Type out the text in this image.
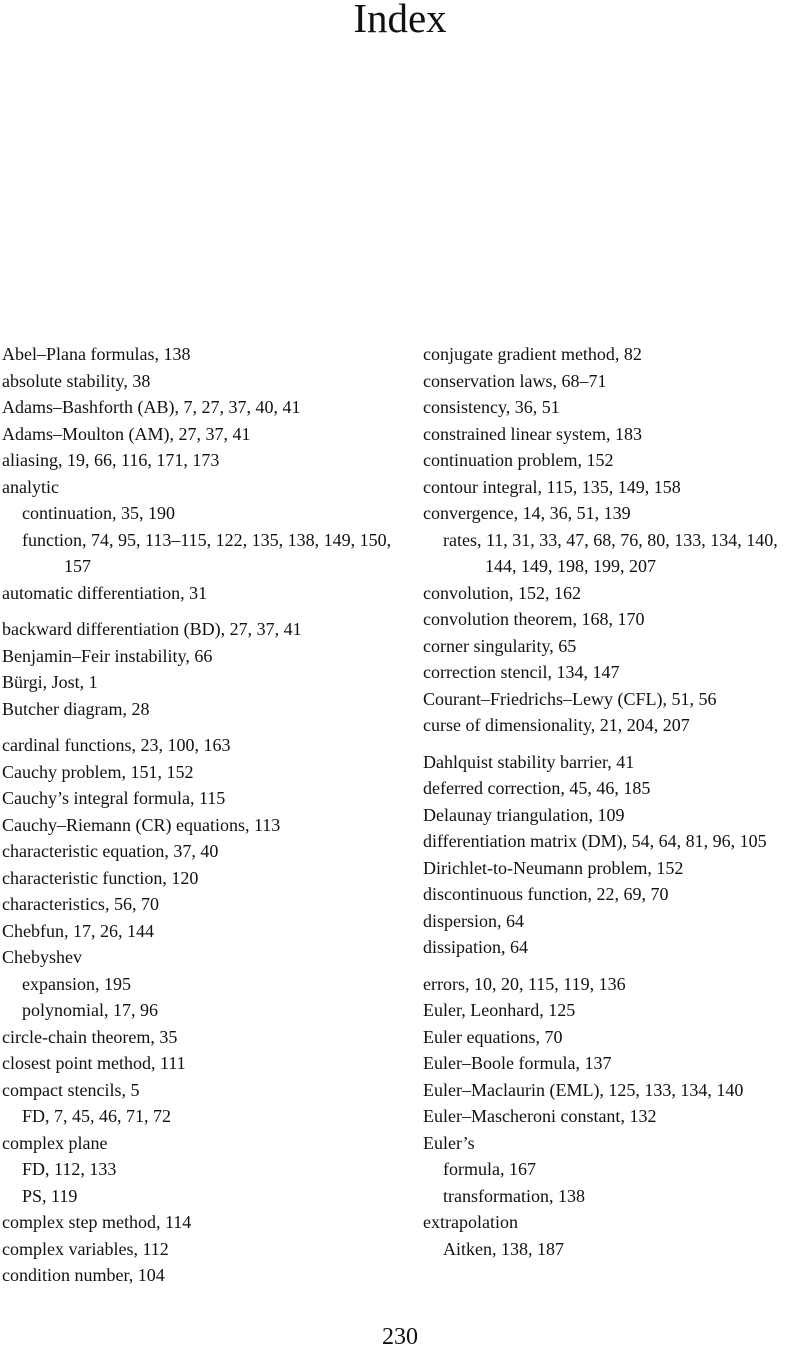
Index
Abel–Plana formulas, 138
absolute stability, 38
Adams–Bashforth (AB), 7, 27, 37, 40, 41
Adams–Moulton (AM), 27, 37, 41
aliasing, 19, 66, 116, 171, 173
analytic
continuation, 35, 190
function, 74, 95, 113–115, 122, 135, 138, 149, 150, 157
automatic differentiation, 31
backward differentiation (BD), 27, 37, 41
Benjamin–Feir instability, 66
Bürgi, Jost, 1
Butcher diagram, 28
cardinal functions, 23, 100, 163
Cauchy problem, 151, 152
Cauchy’s integral formula, 115
Cauchy–Riemann (CR) equations, 113
characteristic equation, 37, 40
characteristic function, 120
characteristics, 56, 70
Chebfun, 17, 26, 144
Chebyshev
expansion, 195
polynomial, 17, 96
circle-chain theorem, 35
closest point method, 111
compact stencils, 5
FD, 7, 45, 46, 71, 72
complex plane
FD, 112, 133
PS, 119
complex step method, 114
complex variables, 112
condition number, 104
conjugate gradient method, 82
conservation laws, 68–71
consistency, 36, 51
constrained linear system, 183
continuation problem, 152
contour integral, 115, 135, 149, 158
convergence, 14, 36, 51, 139
rates, 11, 31, 33, 47, 68, 76, 80, 133, 134, 140, 144, 149, 198, 199, 207
convolution, 152, 162
convolution theorem, 168, 170
corner singularity, 65
correction stencil, 134, 147
Courant–Friedrichs–Lewy (CFL), 51, 56
curse of dimensionality, 21, 204, 207
Dahlquist stability barrier, 41
deferred correction, 45, 46, 185
Delaunay triangulation, 109
differentiation matrix (DM), 54, 64, 81, 96, 105
Dirichlet-to-Neumann problem, 152
discontinuous function, 22, 69, 70
dispersion, 64
dissipation, 64
errors, 10, 20, 115, 119, 136
Euler, Leonhard, 125
Euler equations, 70
Euler–Boole formula, 137
Euler–Maclaurin (EML), 125, 133, 134, 140
Euler–Mascheroni constant, 132
Euler’s
formula, 167
transformation, 138
extrapolation
Aitken, 138, 187
230
